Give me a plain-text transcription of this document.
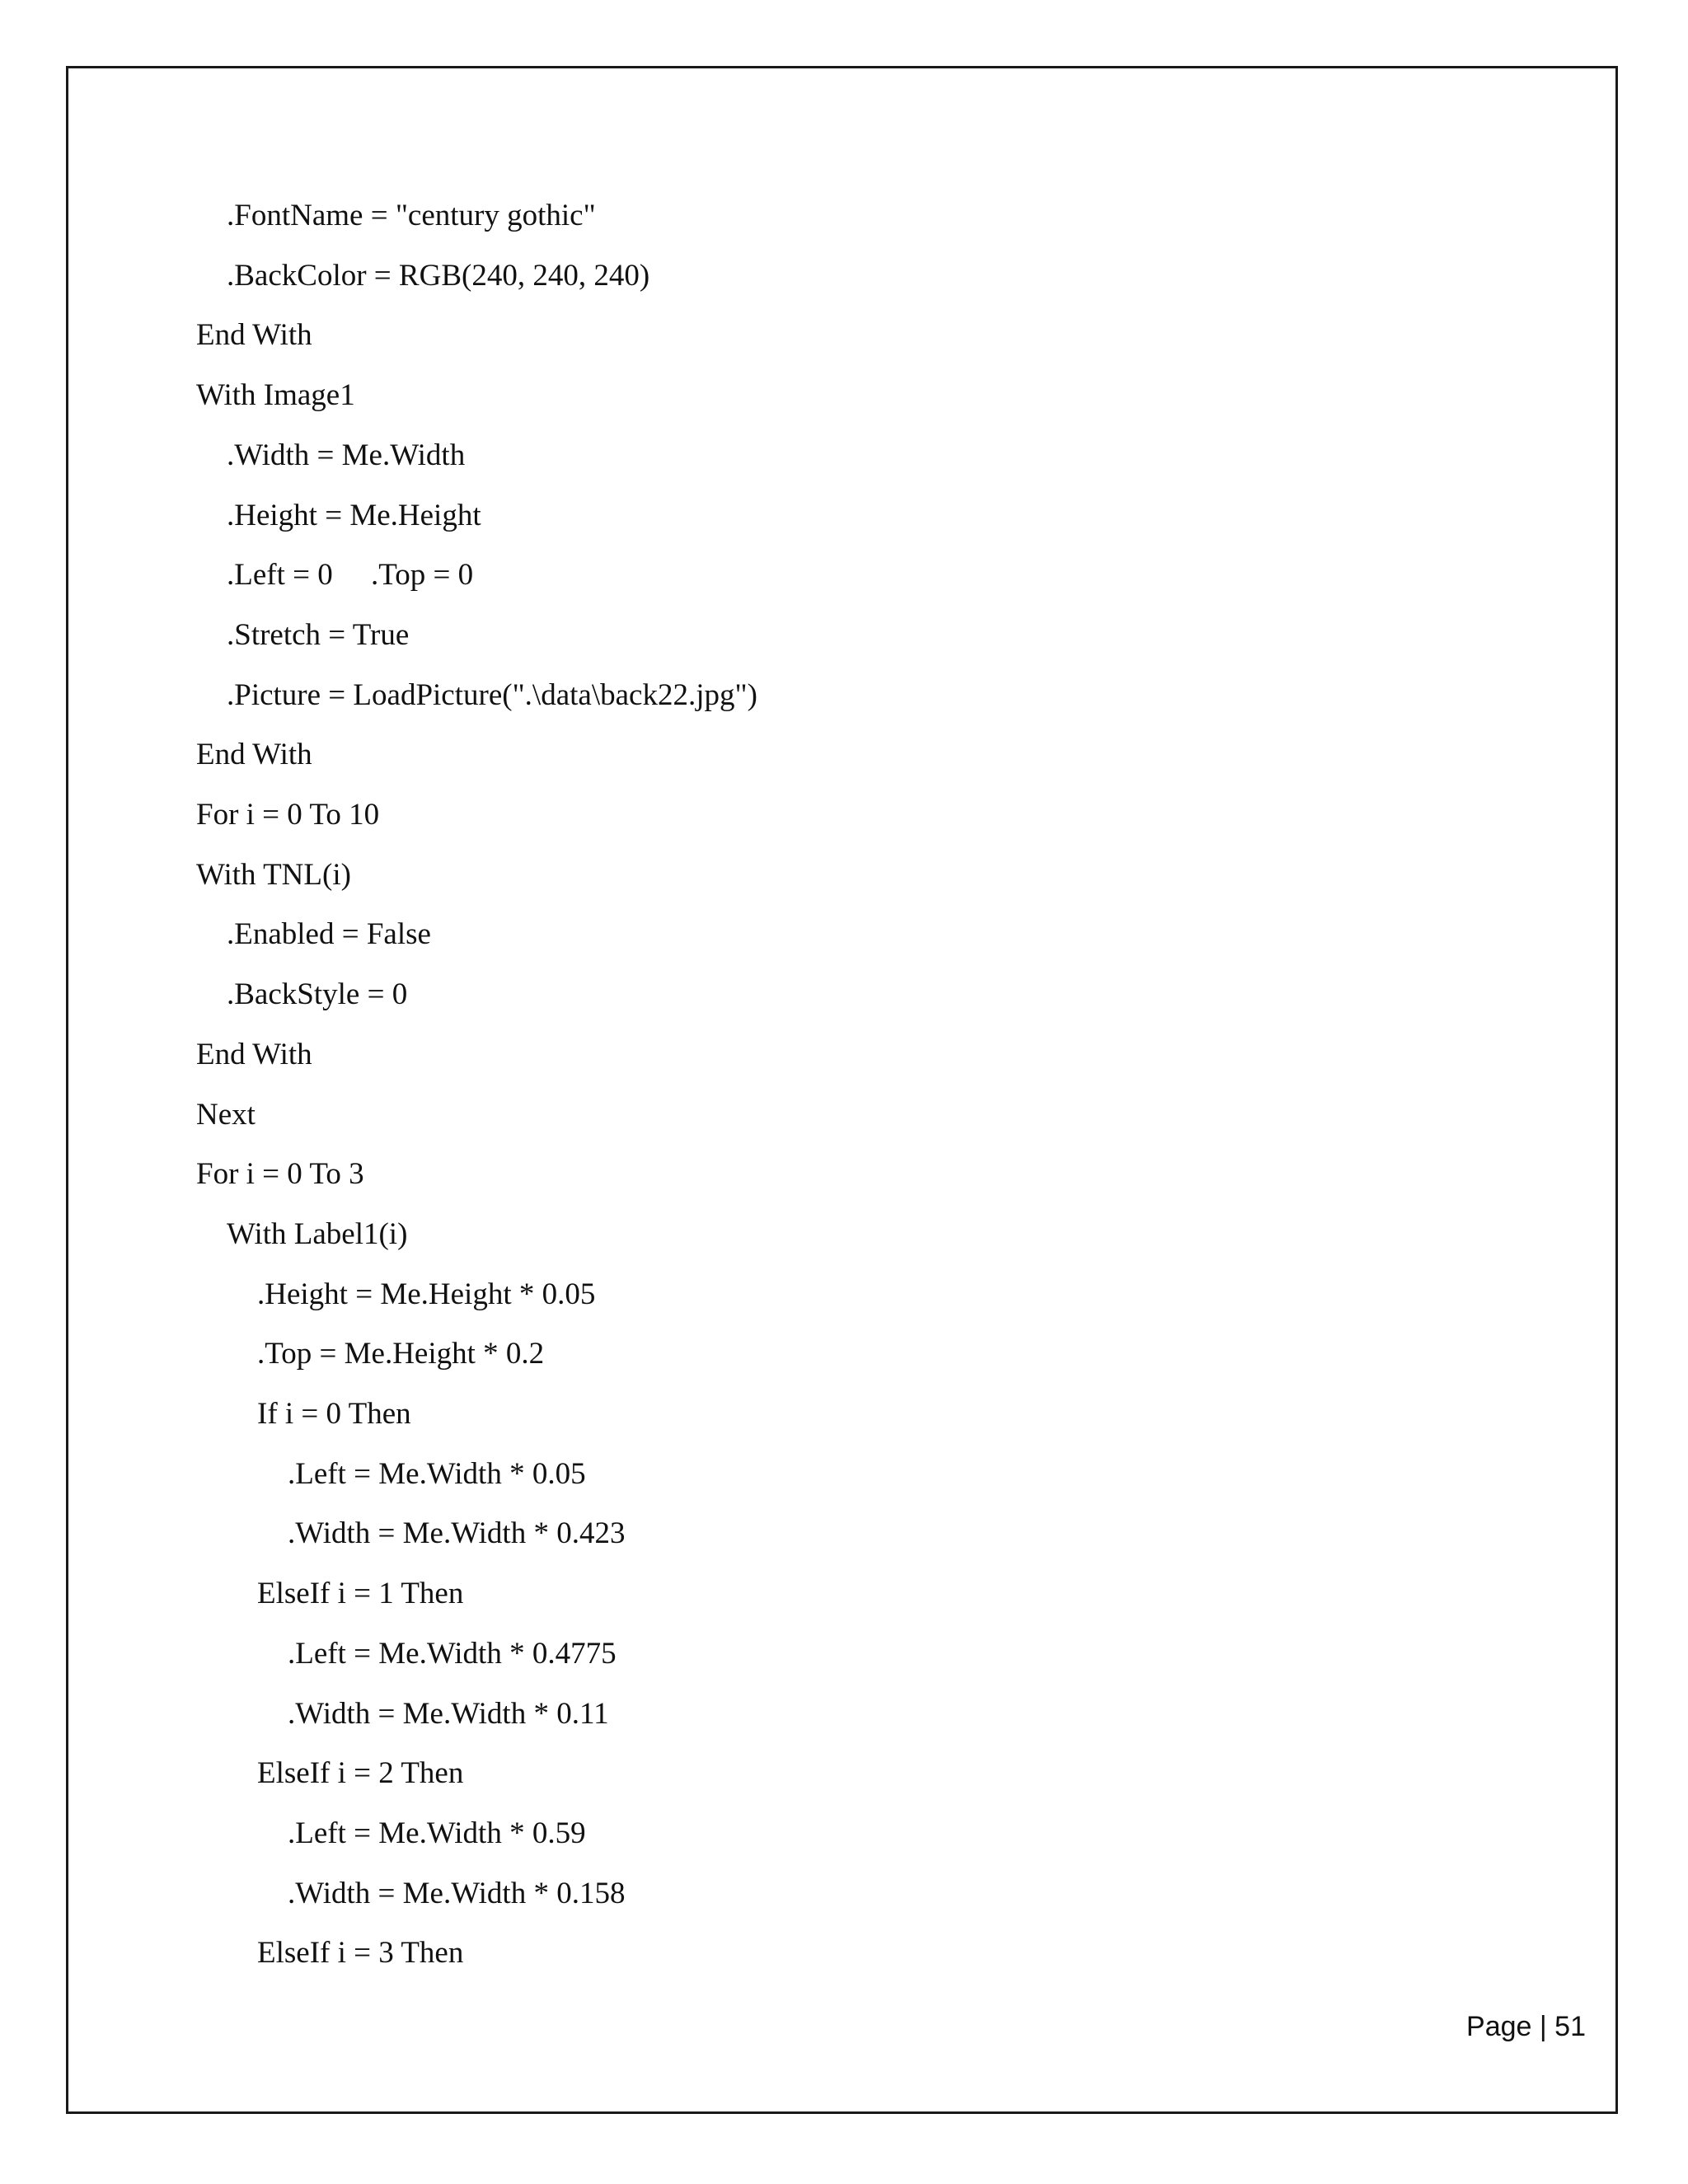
.FontName = "century gothic"
.BackColor = RGB(240, 240, 240)
End With
With Image1
.Width = Me.Width
.Height = Me.Height
.Left = 0     .Top = 0
.Stretch = True
.Picture = LoadPicture(".\data\back22.jpg")
End With
For i = 0 To 10
With TNL(i)
.Enabled = False
.BackStyle = 0
End With
Next
For i = 0 To 3
With Label1(i)
.Height = Me.Height * 0.05
.Top = Me.Height * 0.2
If i = 0 Then
.Left = Me.Width * 0.05
.Width = Me.Width * 0.423
ElseIf i = 1 Then
.Left = Me.Width * 0.4775
.Width = Me.Width * 0.11
ElseIf i = 2 Then
.Left = Me.Width * 0.59
.Width = Me.Width * 0.158
ElseIf i = 3 Then
Page | 51
